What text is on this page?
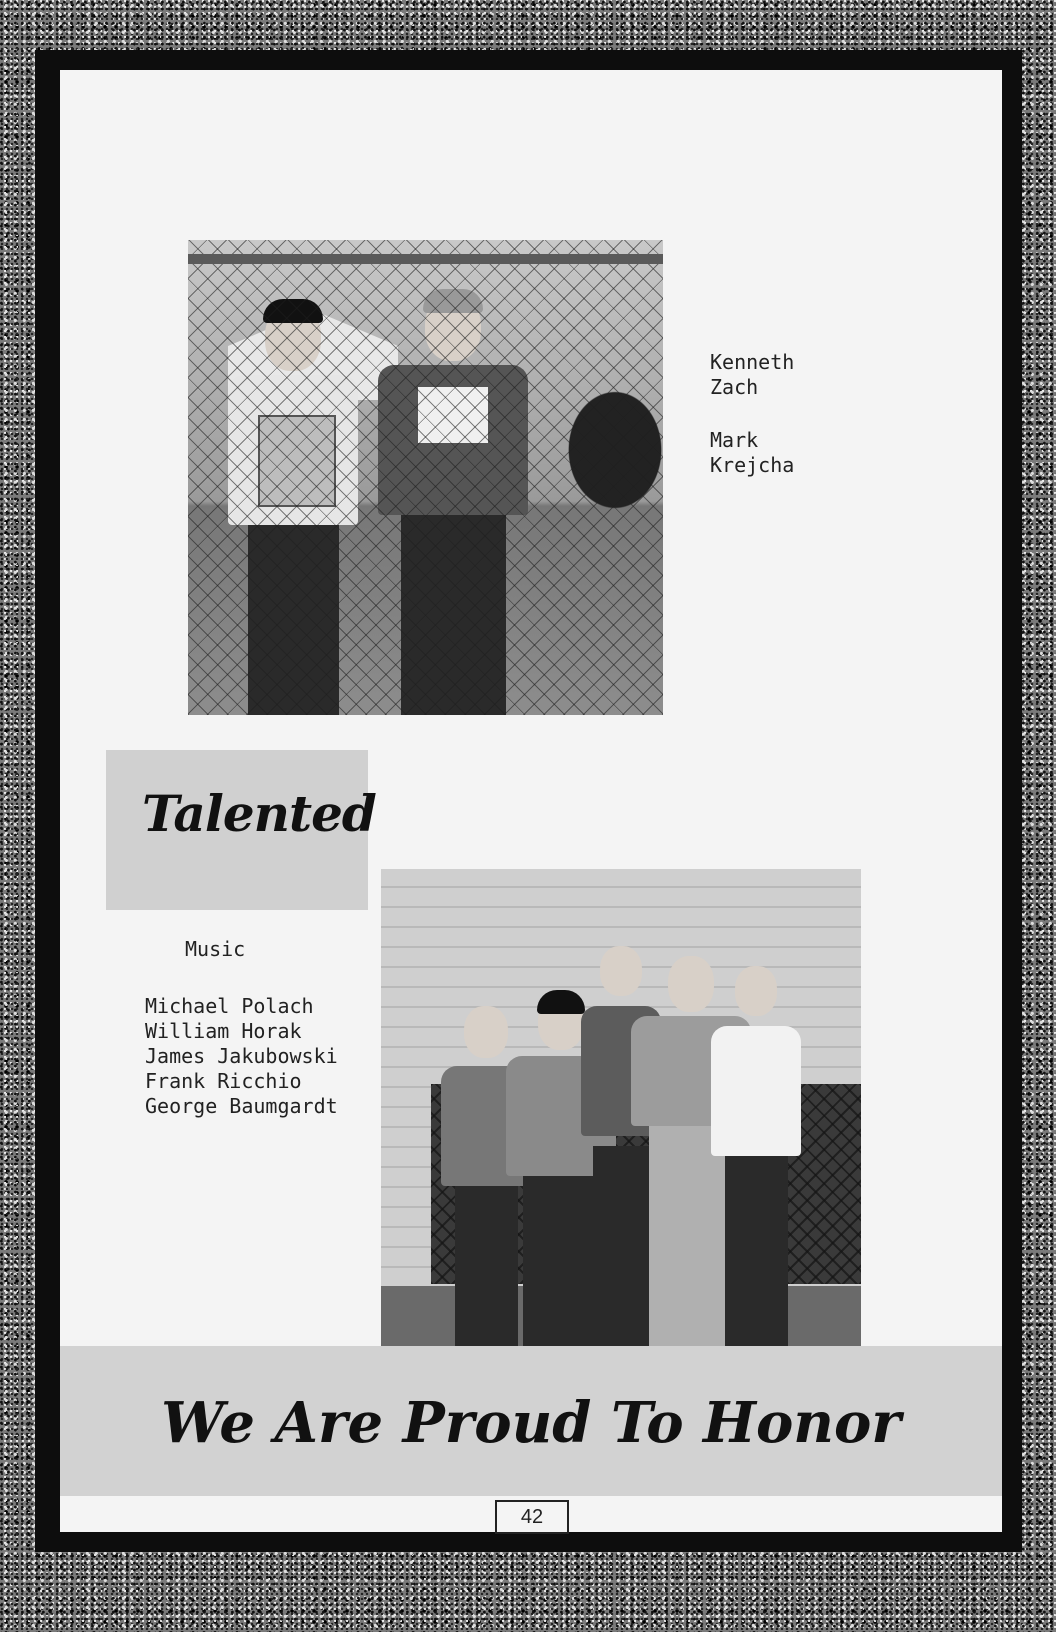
Kenneth
Zach
Mark
Krejcha
Talented
Music
Michael Polach
William Horak
James Jakubowski
Frank Ricchio
George Baumgardt
We Are Proud To Honor
42
